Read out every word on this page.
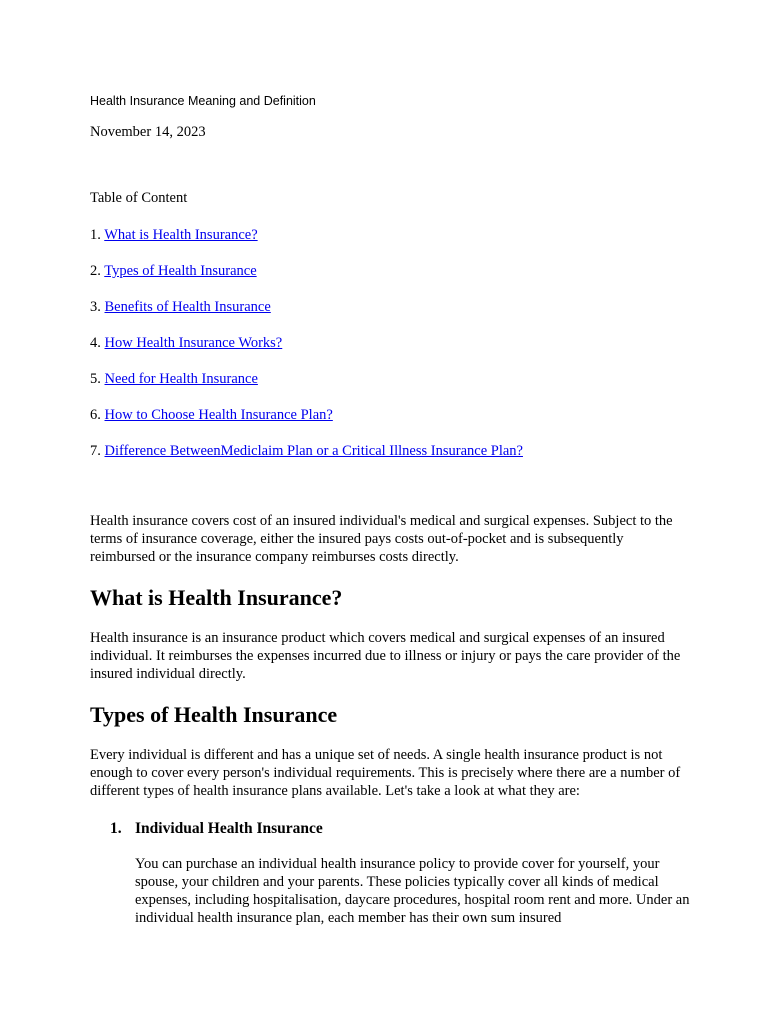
Health Insurance Meaning and Definition

November 14, 2023

Table of Content

1. What is Health Insurance?
2. Types of Health Insurance
3. Benefits of Health Insurance
4. How Health Insurance Works?
5. Need for Health Insurance
6. How to Choose Health Insurance Plan?
7. Difference BetweenMediclaim Plan or a Critical Illness Insurance Plan?

Health insurance covers cost of an insured individual's medical and surgical expenses. Subject to the terms of insurance coverage, either the insured pays costs out-of-pocket and is subsequently reimbursed or the insurance company reimburses costs directly.

What is Health Insurance?

Health insurance is an insurance product which covers medical and surgical expenses of an insured individual. It reimburses the expenses incurred due to illness or injury or pays the care provider of the insured individual directly.

Types of Health Insurance

Every individual is different and has a unique set of needs. A single health insurance product is not enough to cover every person's individual requirements. This is precisely where there are a number of different types of health insurance plans available. Let's take a look at what they are:

1. Individual Health Insurance

You can purchase an individual health insurance policy to provide cover for yourself, your spouse, your children and your parents. These policies typically cover all kinds of medical expenses, including hospitalisation, daycare procedures, hospital room rent and more. Under an individual health insurance plan, each member has their own sum insured
